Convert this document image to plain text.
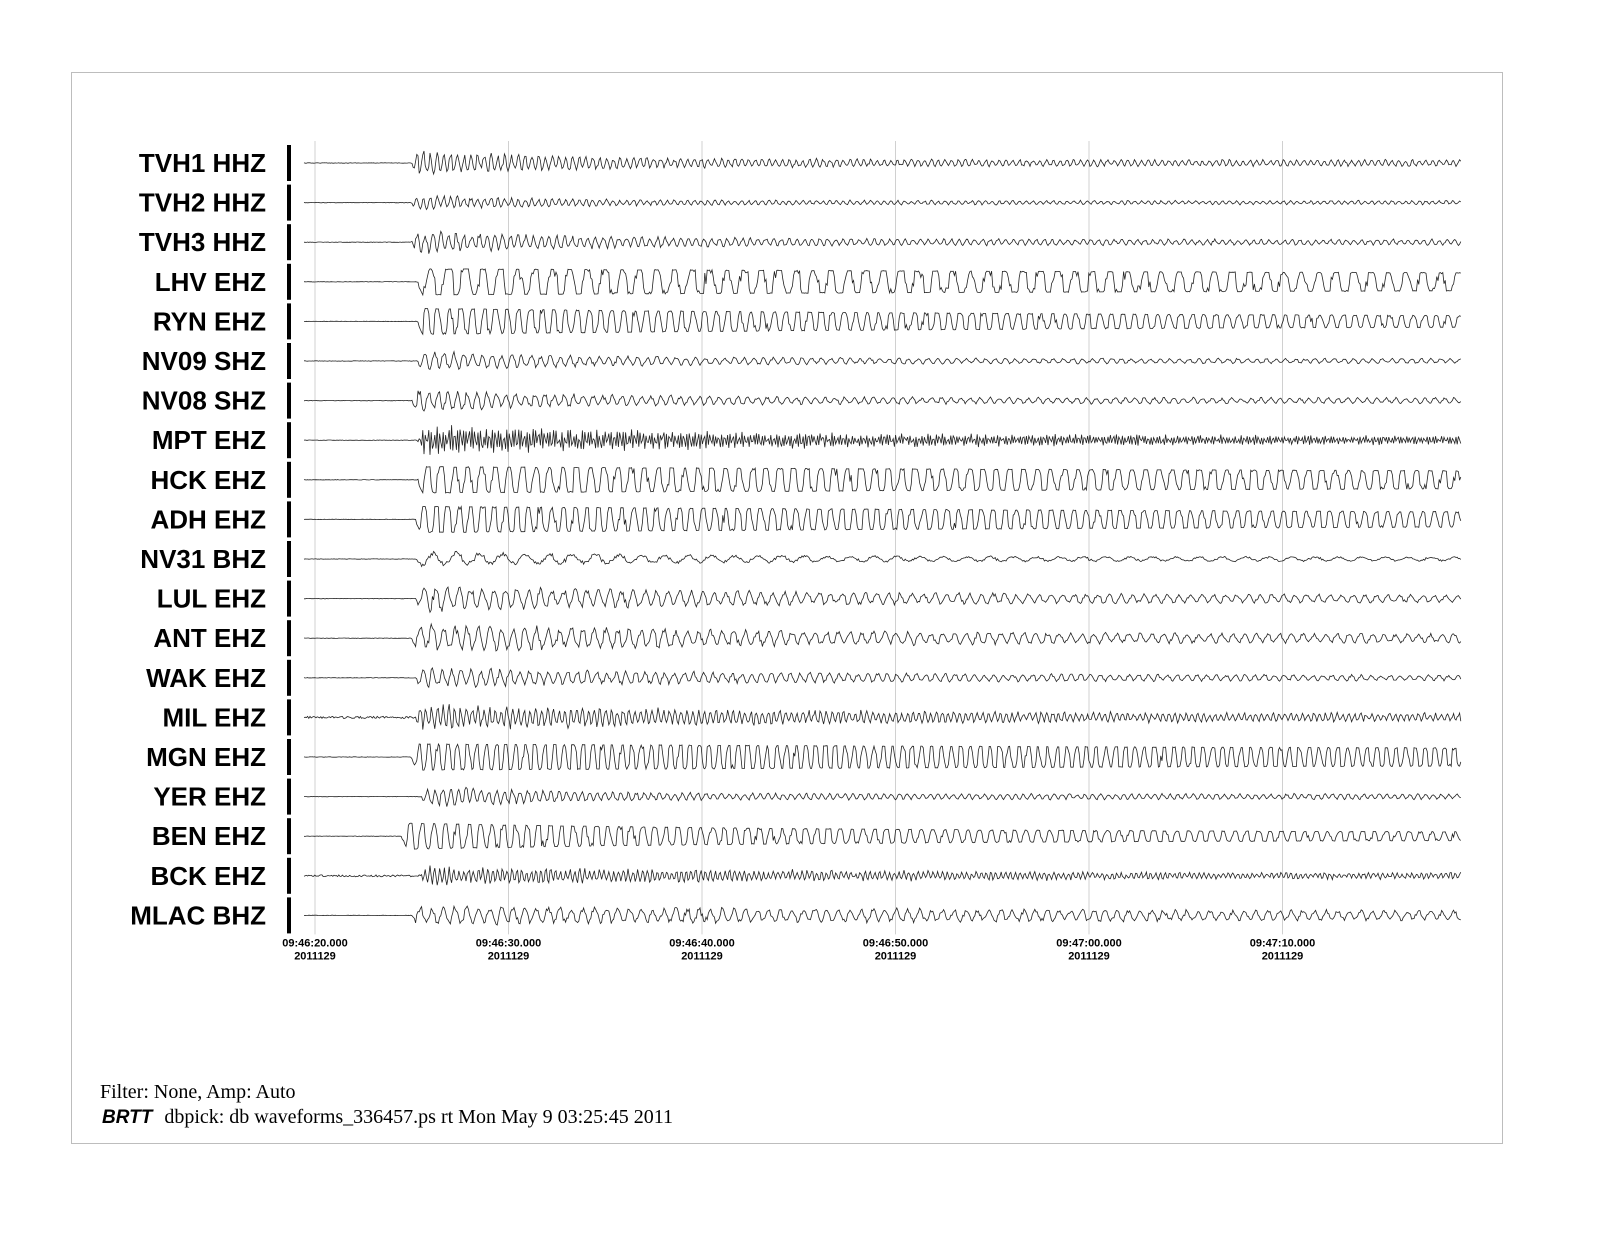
09:46:20.000
2011129
09:46:30.000
2011129
09:46:40.000
2011129
09:46:50.000
2011129
09:47:00.000
2011129
09:47:10.000
2011129
TVH1 HHZ
TVH2 HHZ
TVH3 HHZ
LHV EHZ
RYN EHZ
NV09 SHZ
NV08 SHZ
MPT EHZ
HCK EHZ
ADH EHZ
NV31 BHZ
LUL EHZ
ANT EHZ
WAK EHZ
MIL EHZ
MGN EHZ
YER EHZ
BEN EHZ
BCK EHZ
MLAC BHZ
Filter: None, Amp: Auto
BRTT dbpick: db waveforms_336457.ps rt Mon May 9 03:25:45 2011
